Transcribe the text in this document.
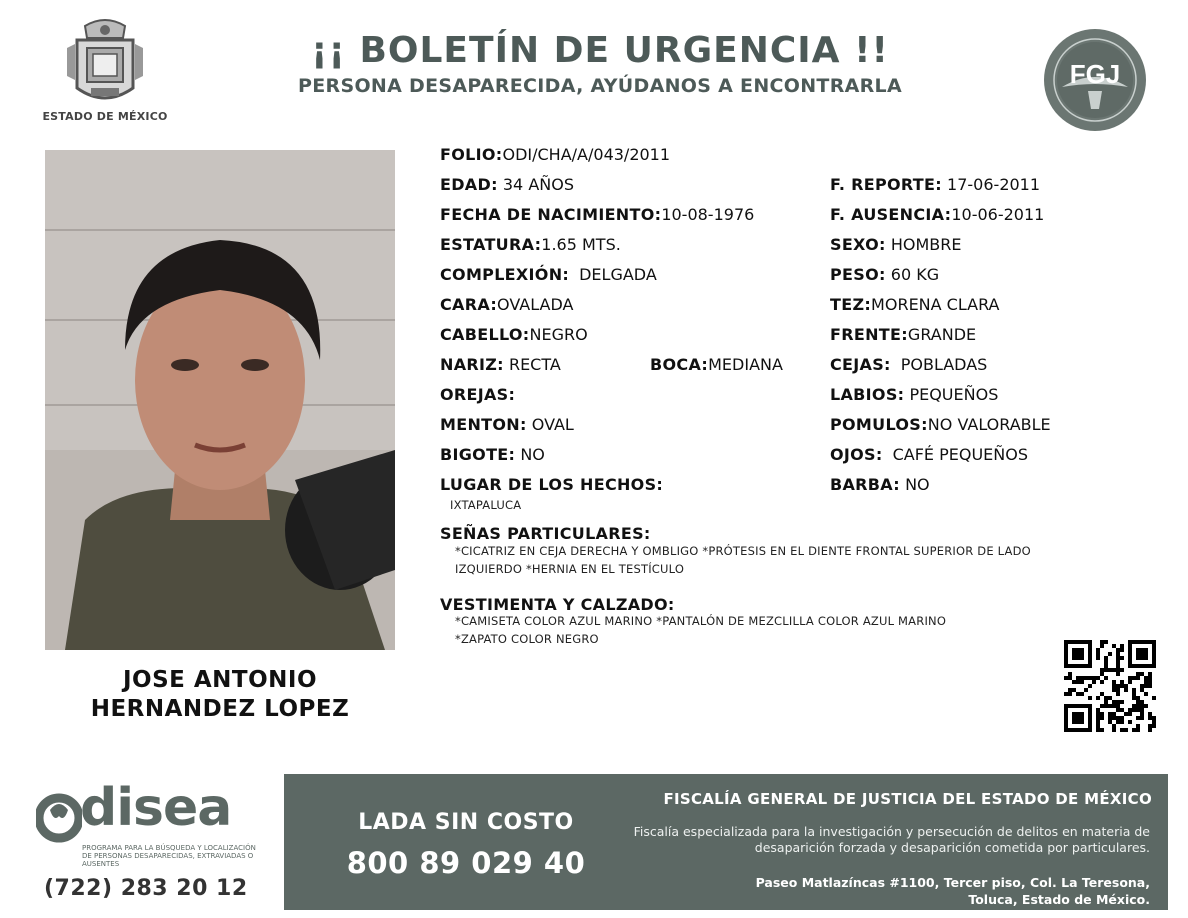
ESTADO DE MÉXICO
¡¡ BOLETÍN DE URGENCIA !!
PERSONA DESAPARECIDA, AYÚDANOS A ENCONTRARLA	FGJ
JOSE ANTONIO
HERNANDEZ LOPEZ
FOLIO:ODI/CHA/A/043/2011
EDAD: 34 AÑOS
FECHA DE NACIMIENTO:10-08-1976
ESTATURA:1.65 MTS.
COMPLEXIÓN: DELGADA
CARA:OVALADA
CABELLO:NEGRO
NARIZ: RECTA	BOCA:MEDIANA
OREJAS:
MENTON: OVAL
BIGOTE: NO
LUGAR DE LOS HECHOS:
IXTAPALUCA
F. REPORTE: 17-06-2011
F. AUSENCIA:10-06-2011
SEXO: HOMBRE
PESO: 60 KG
TEZ:MORENA CLARA
FRENTE:GRANDE
CEJAS: POBLADAS
LABIOS: PEQUEÑOS
POMULOS:NO VALORABLE
OJOS: CAFÉ PEQUEÑOS
BARBA: NO
SEÑAS PARTICULARES:
*CICATRIZ EN CEJA DERECHA Y OMBLIGO *PRÓTESIS EN EL DIENTE FRONTAL SUPERIOR DE LADO
IZQUIERDO *HERNIA EN EL TESTÍCULO
VESTIMENTA Y CALZADO:
*CAMISETA COLOR AZUL MARINO *PANTALÓN DE MEZCLILLA COLOR AZUL MARINO
*ZAPATO COLOR NEGRO
disea
PROGRAMA PARA LA BÚSQUEDA Y LOCALIZACIÓN
DE PERSONAS DESAPARECIDAS, EXTRAVIADAS O
AUSENTES
(722) 283 20 12
LADA SIN COSTO
800 89 029 40
FISCALÍA GENERAL DE JUSTICIA DEL ESTADO DE MÉXICO
Fiscalía especializada para la investigación y persecución de delitos en materia de desaparición forzada y desaparición cometida por particulares.
Paseo Matlazíncas #1100, Tercer piso, Col. La Teresona,
Toluca, Estado de México.
